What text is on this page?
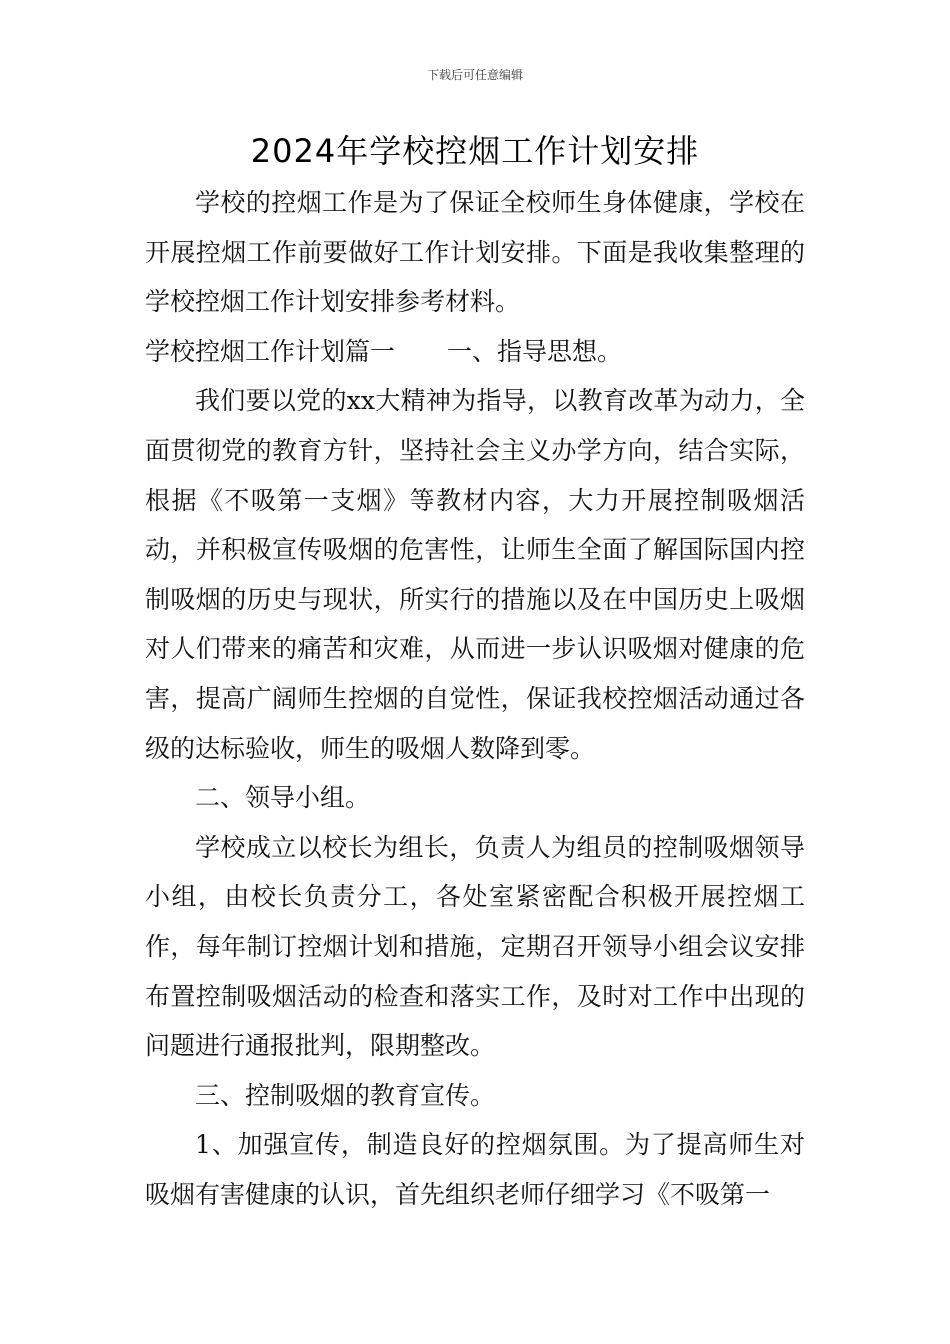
下载后可任意编辑
2024年学校控烟工作计划安排

学校的控烟工作是为了保证全校师生身体健康，学校在开展控烟工作前要做好工作计划安排。下面是我收集整理的学校控烟工作计划安排参考材料。

学校控烟工作计划篇一 一、指导思想。

我们要以党的xx大精神为指导，以教育改革为动力，全面贯彻党的教育方针，坚持社会主义办学方向，结合实际，根据《不吸第一支烟》等教材内容，大力开展控制吸烟活动，并积极宣传吸烟的危害性，让师生全面了解国际国内控制吸烟的历史与现状，所实行的措施以及在中国历史上吸烟对人们带来的痛苦和灾难，从而进一步认识吸烟对健康的危害，提高广阔师生控烟的自觉性，保证我校控烟活动通过各级的达标验收，师生的吸烟人数降到零。

二、领导小组。

学校成立以校长为组长，负责人为组员的控制吸烟领导小组，由校长负责分工，各处室紧密配合积极开展控烟工作，每年制订控烟计划和措施，定期召开领导小组会议安排布置控制吸烟活动的检查和落实工作，及时对工作中出现的问题进行通报批判，限期整改。

三、控制吸烟的教育宣传。

1、加强宣传，制造良好的控烟氛围。为了提高师生对吸烟有害健康的认识，首先组织老师仔细学习《不吸第一
